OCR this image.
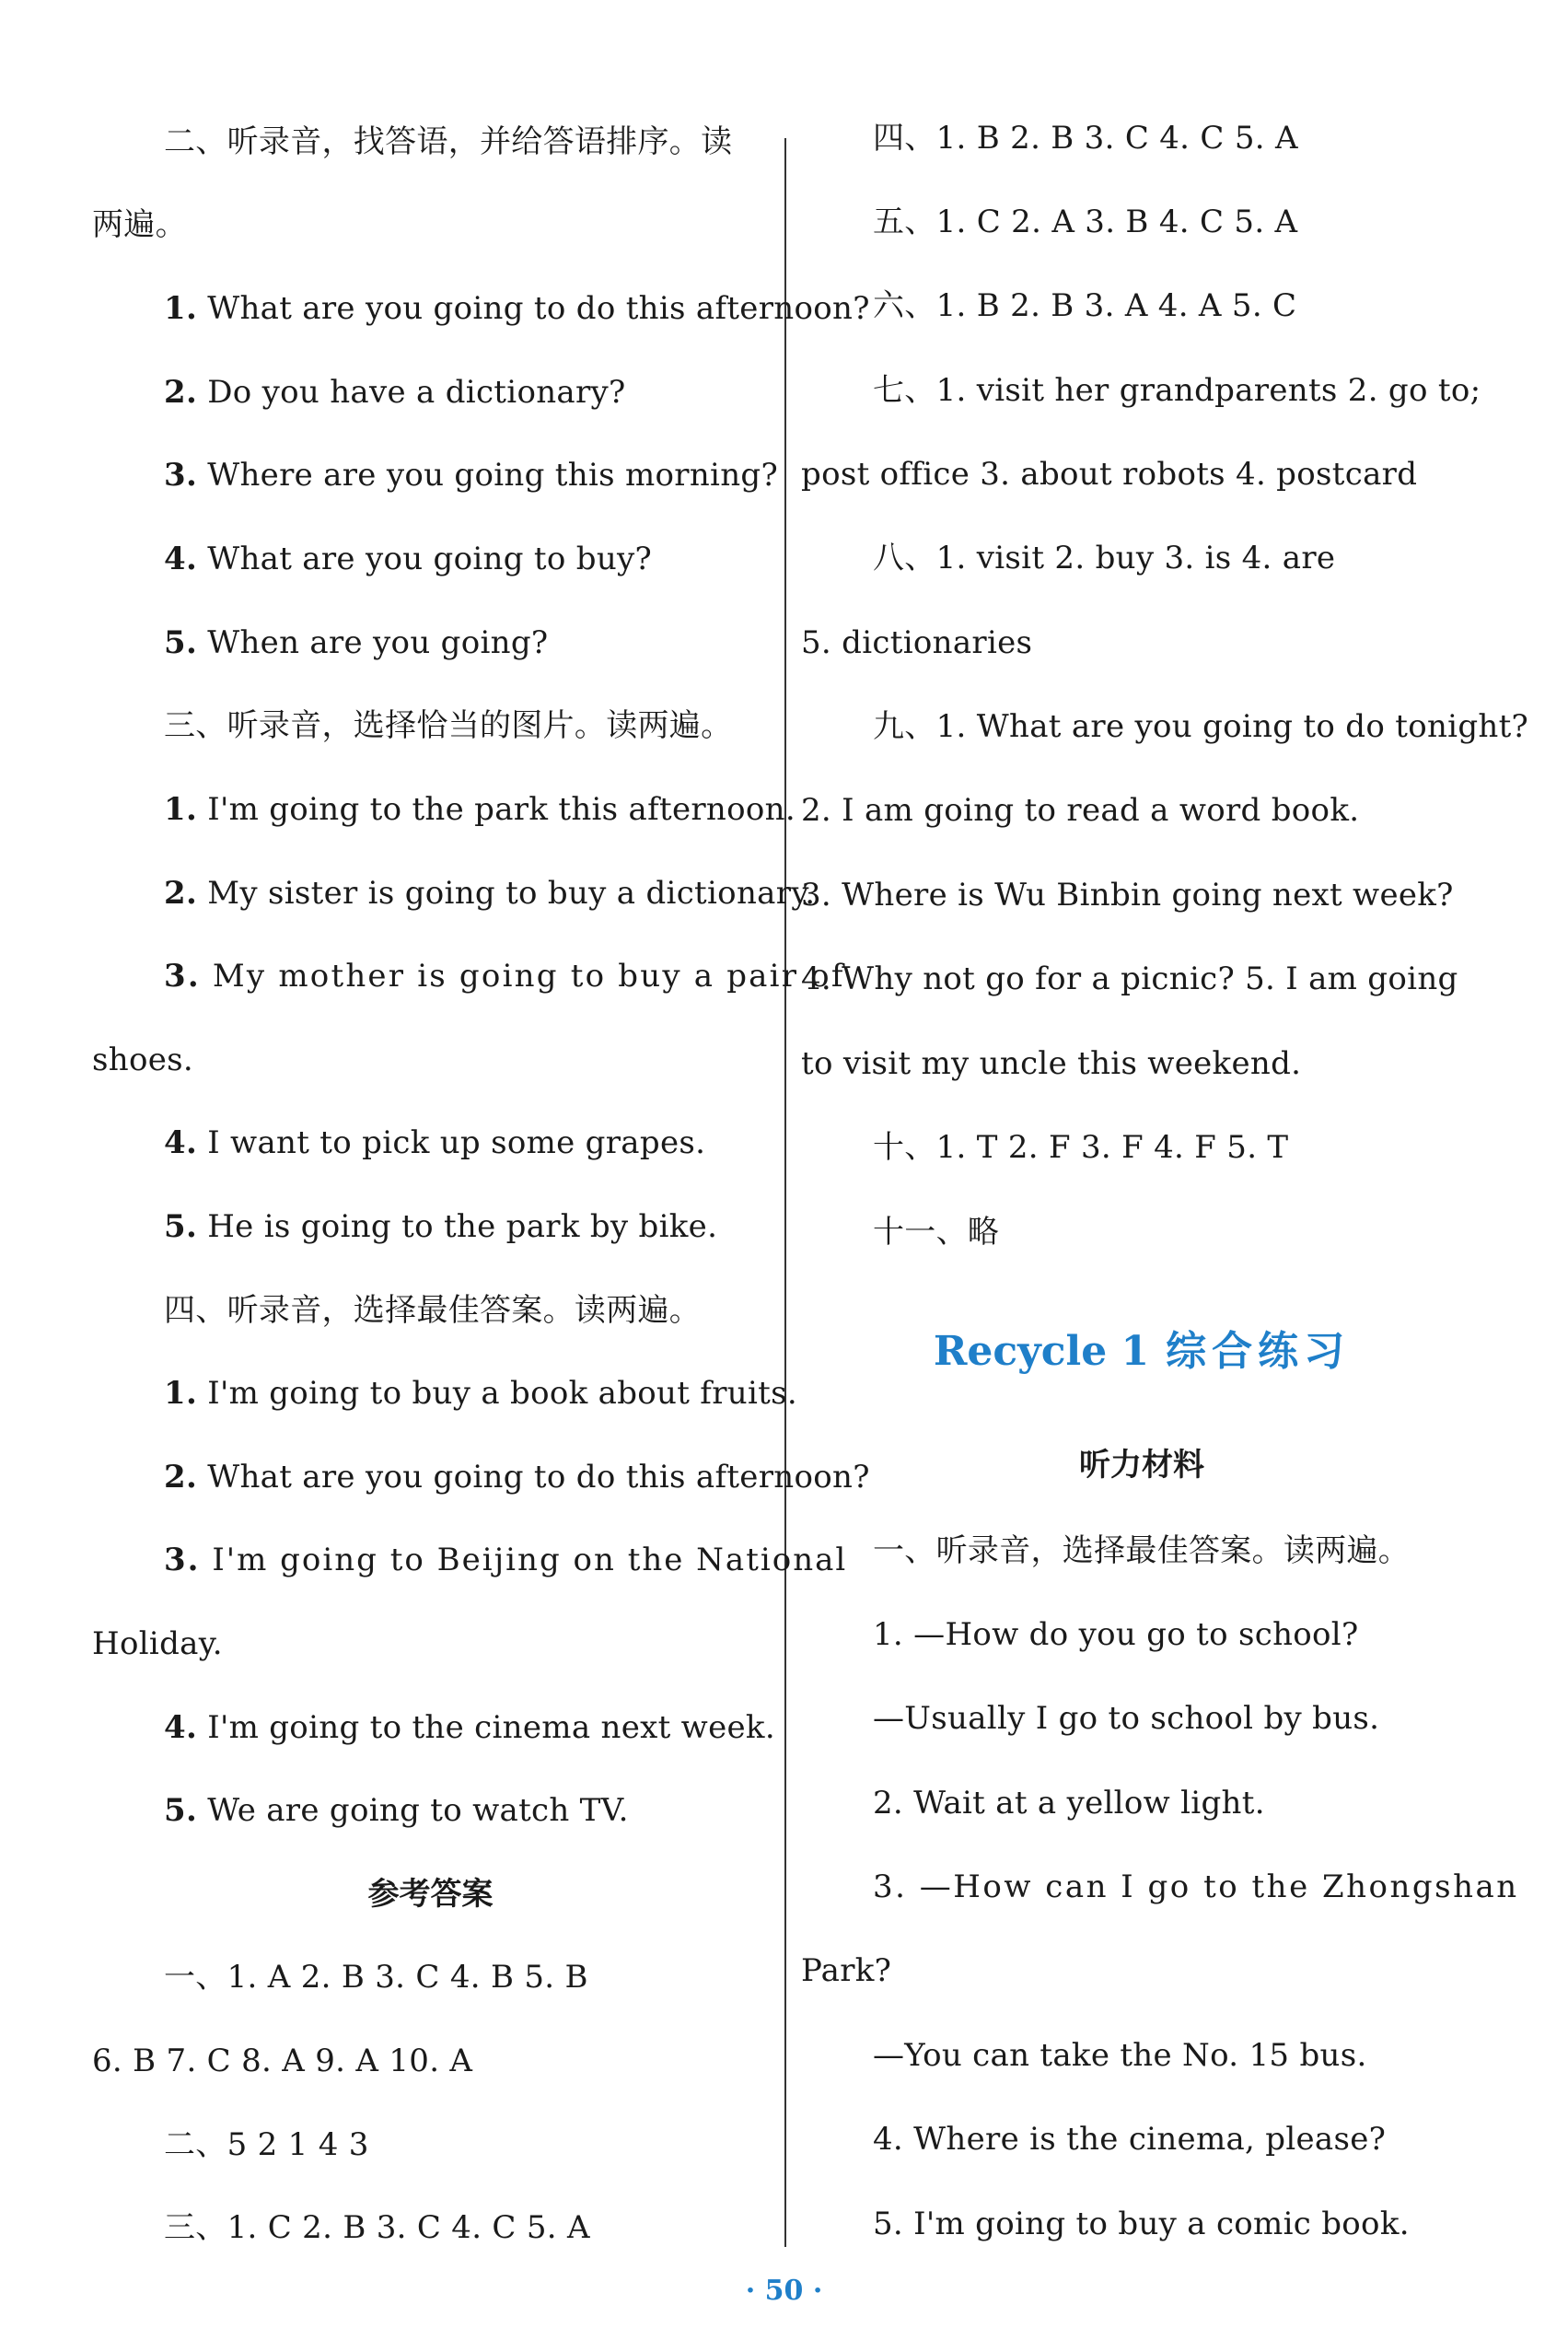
二、听录音，找答语，并给答语排序。读
两遍。
1. What are you going to do this afternoon?
2. Do you have a dictionary?
3. Where are you going this morning?
4. What are you going to buy?
5. When are you going?
三、听录音，选择恰当的图片。读两遍。
1. I'm going to the park this afternoon.
2. My sister is going to buy a dictionary.
3. My mother is going to buy a pair of
shoes.
4. I want to pick up some grapes.
5. He is going to the park by bike.
四、听录音，选择最佳答案。读两遍。
1. I'm going to buy a book about fruits.
2. What are you going to do this afternoon?
3. I'm going to Beijing on the National
Holiday.
4. I'm going to the cinema next week.
5. We are going to watch TV.
参考答案
一、1. A 2. B 3. C 4. B 5. B
6. B 7. C 8. A 9. A 10. A
二、5 2 1 4 3
三、1. C 2. B 3. C 4. C 5. A
四、1. B 2. B 3. C 4. C 5. A
五、1. C 2. A 3. B 4. C 5. A
六、1. B 2. B 3. A 4. A 5. C
七、1. visit her grandparents 2. go to;
post office 3. about robots 4. postcard
八、1. visit 2. buy 3. is 4. are
5. dictionaries
九、1. What are you going to do tonight?
2. I am going to read a word book.
3. Where is Wu Binbin going next week?
4. Why not go for a picnic? 5. I am going
to visit my uncle this weekend.
十、1. T 2. F 3. F 4. F 5. T
十一、略
Recycle 1 综合练习
听力材料
一、听录音，选择最佳答案。读两遍。
1. —How do you go to school?
—Usually I go to school by bus.
2. Wait at a yellow light.
3. —How can I go to the Zhongshan
Park?
—You can take the No. 15 bus.
4. Where is the cinema, please?
5. I'm going to buy a comic book.
· 50 ·
